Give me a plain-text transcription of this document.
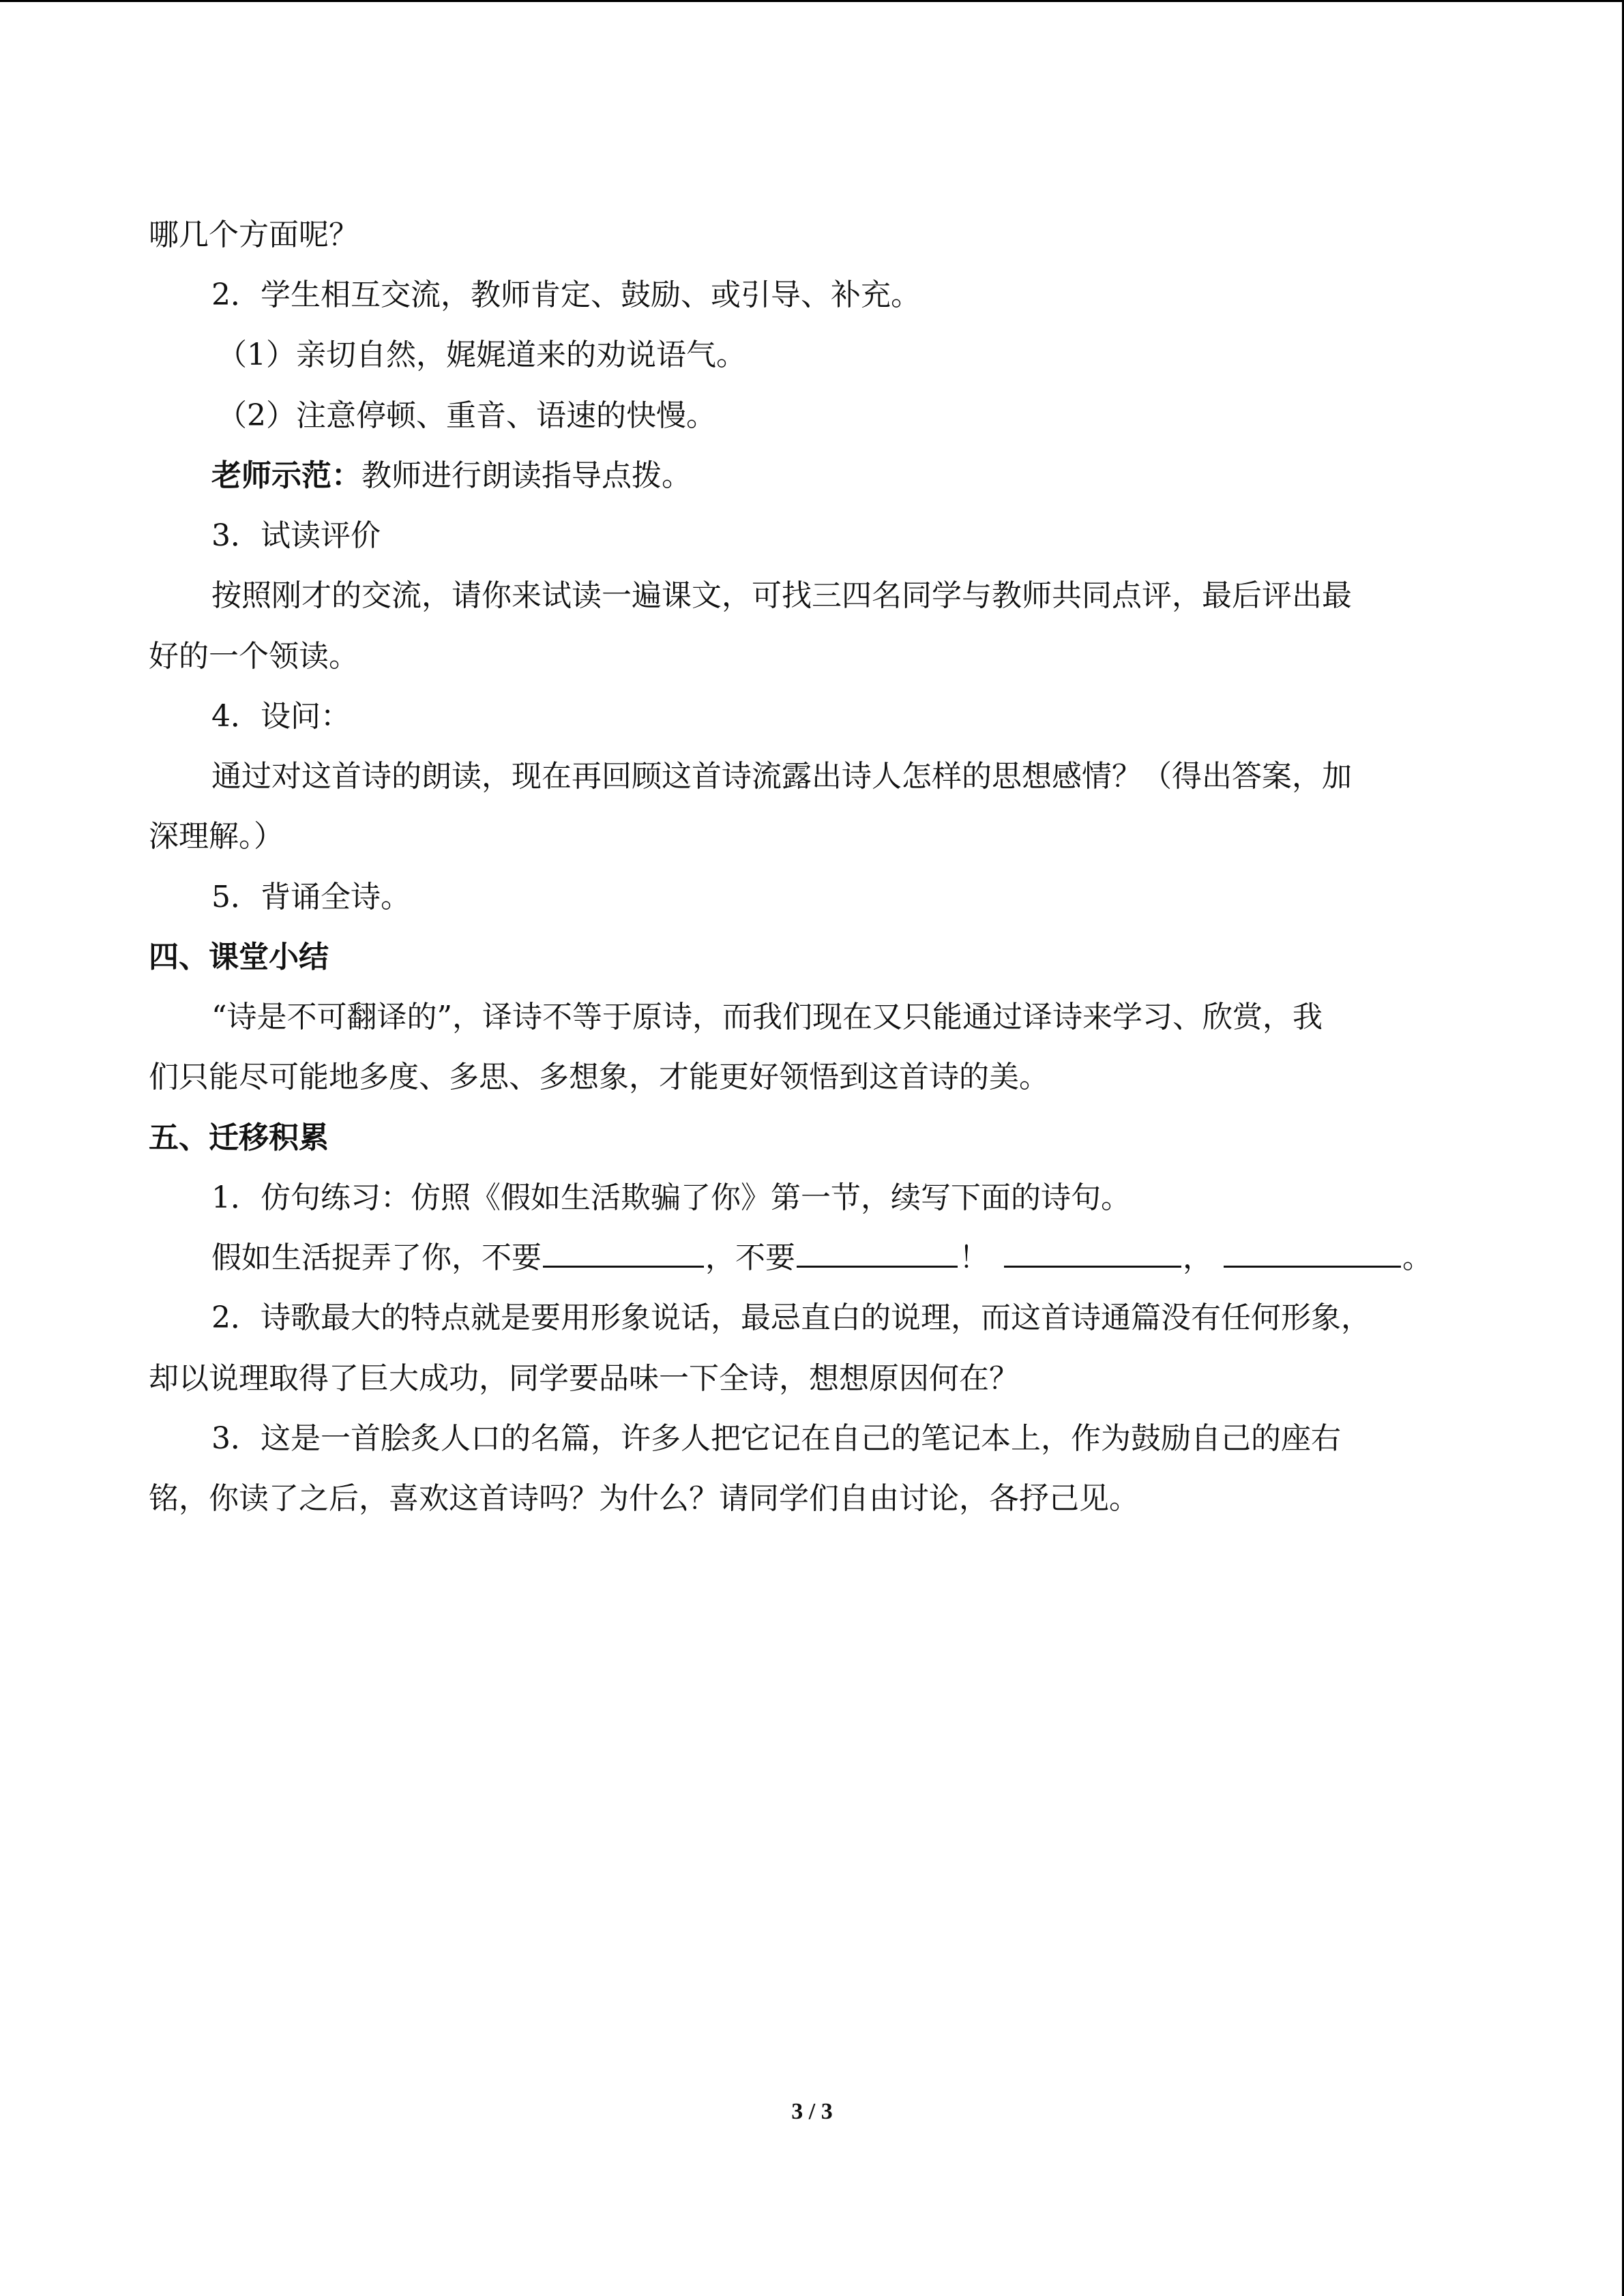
哪几个方面呢？
2．学生相互交流，教师肯定、鼓励、或引导、补充。
（1）亲切自然，娓娓道来的劝说语气。
（2）注意停顿、重音、语速的快慢。
老师示范：教师进行朗读指导点拨。
3．试读评价
按照刚才的交流，请你来试读一遍课文，可找三四名同学与教师共同点评，最后评出最
好的一个领读。
4．设问：
通过对这首诗的朗读，现在再回顾这首诗流露出诗人怎样的思想感情？（得出答案，加
深理解。）
5．背诵全诗。
四、课堂小结
“诗是不可翻译的”，译诗不等于原诗，而我们现在又只能通过译诗来学习、欣赏，我
们只能尽可能地多度、多思、多想象，才能更好领悟到这首诗的美。
五、迁移积累
1．仿句练习：仿照《假如生活欺骗了你》第一节，续写下面的诗句。
假如生活捉弄了你，不要	，不要	！	，	。
2．诗歌最大的特点就是要用形象说话，最忌直白的说理，而这首诗通篇没有任何形象，
却以说理取得了巨大成功，同学要品味一下全诗，想想原因何在？
3．这是一首脍炙人口的名篇，许多人把它记在自己的笔记本上，作为鼓励自己的座右
铭，你读了之后，喜欢这首诗吗？为什么？请同学们自由讨论，各抒己见。
3 / 3
